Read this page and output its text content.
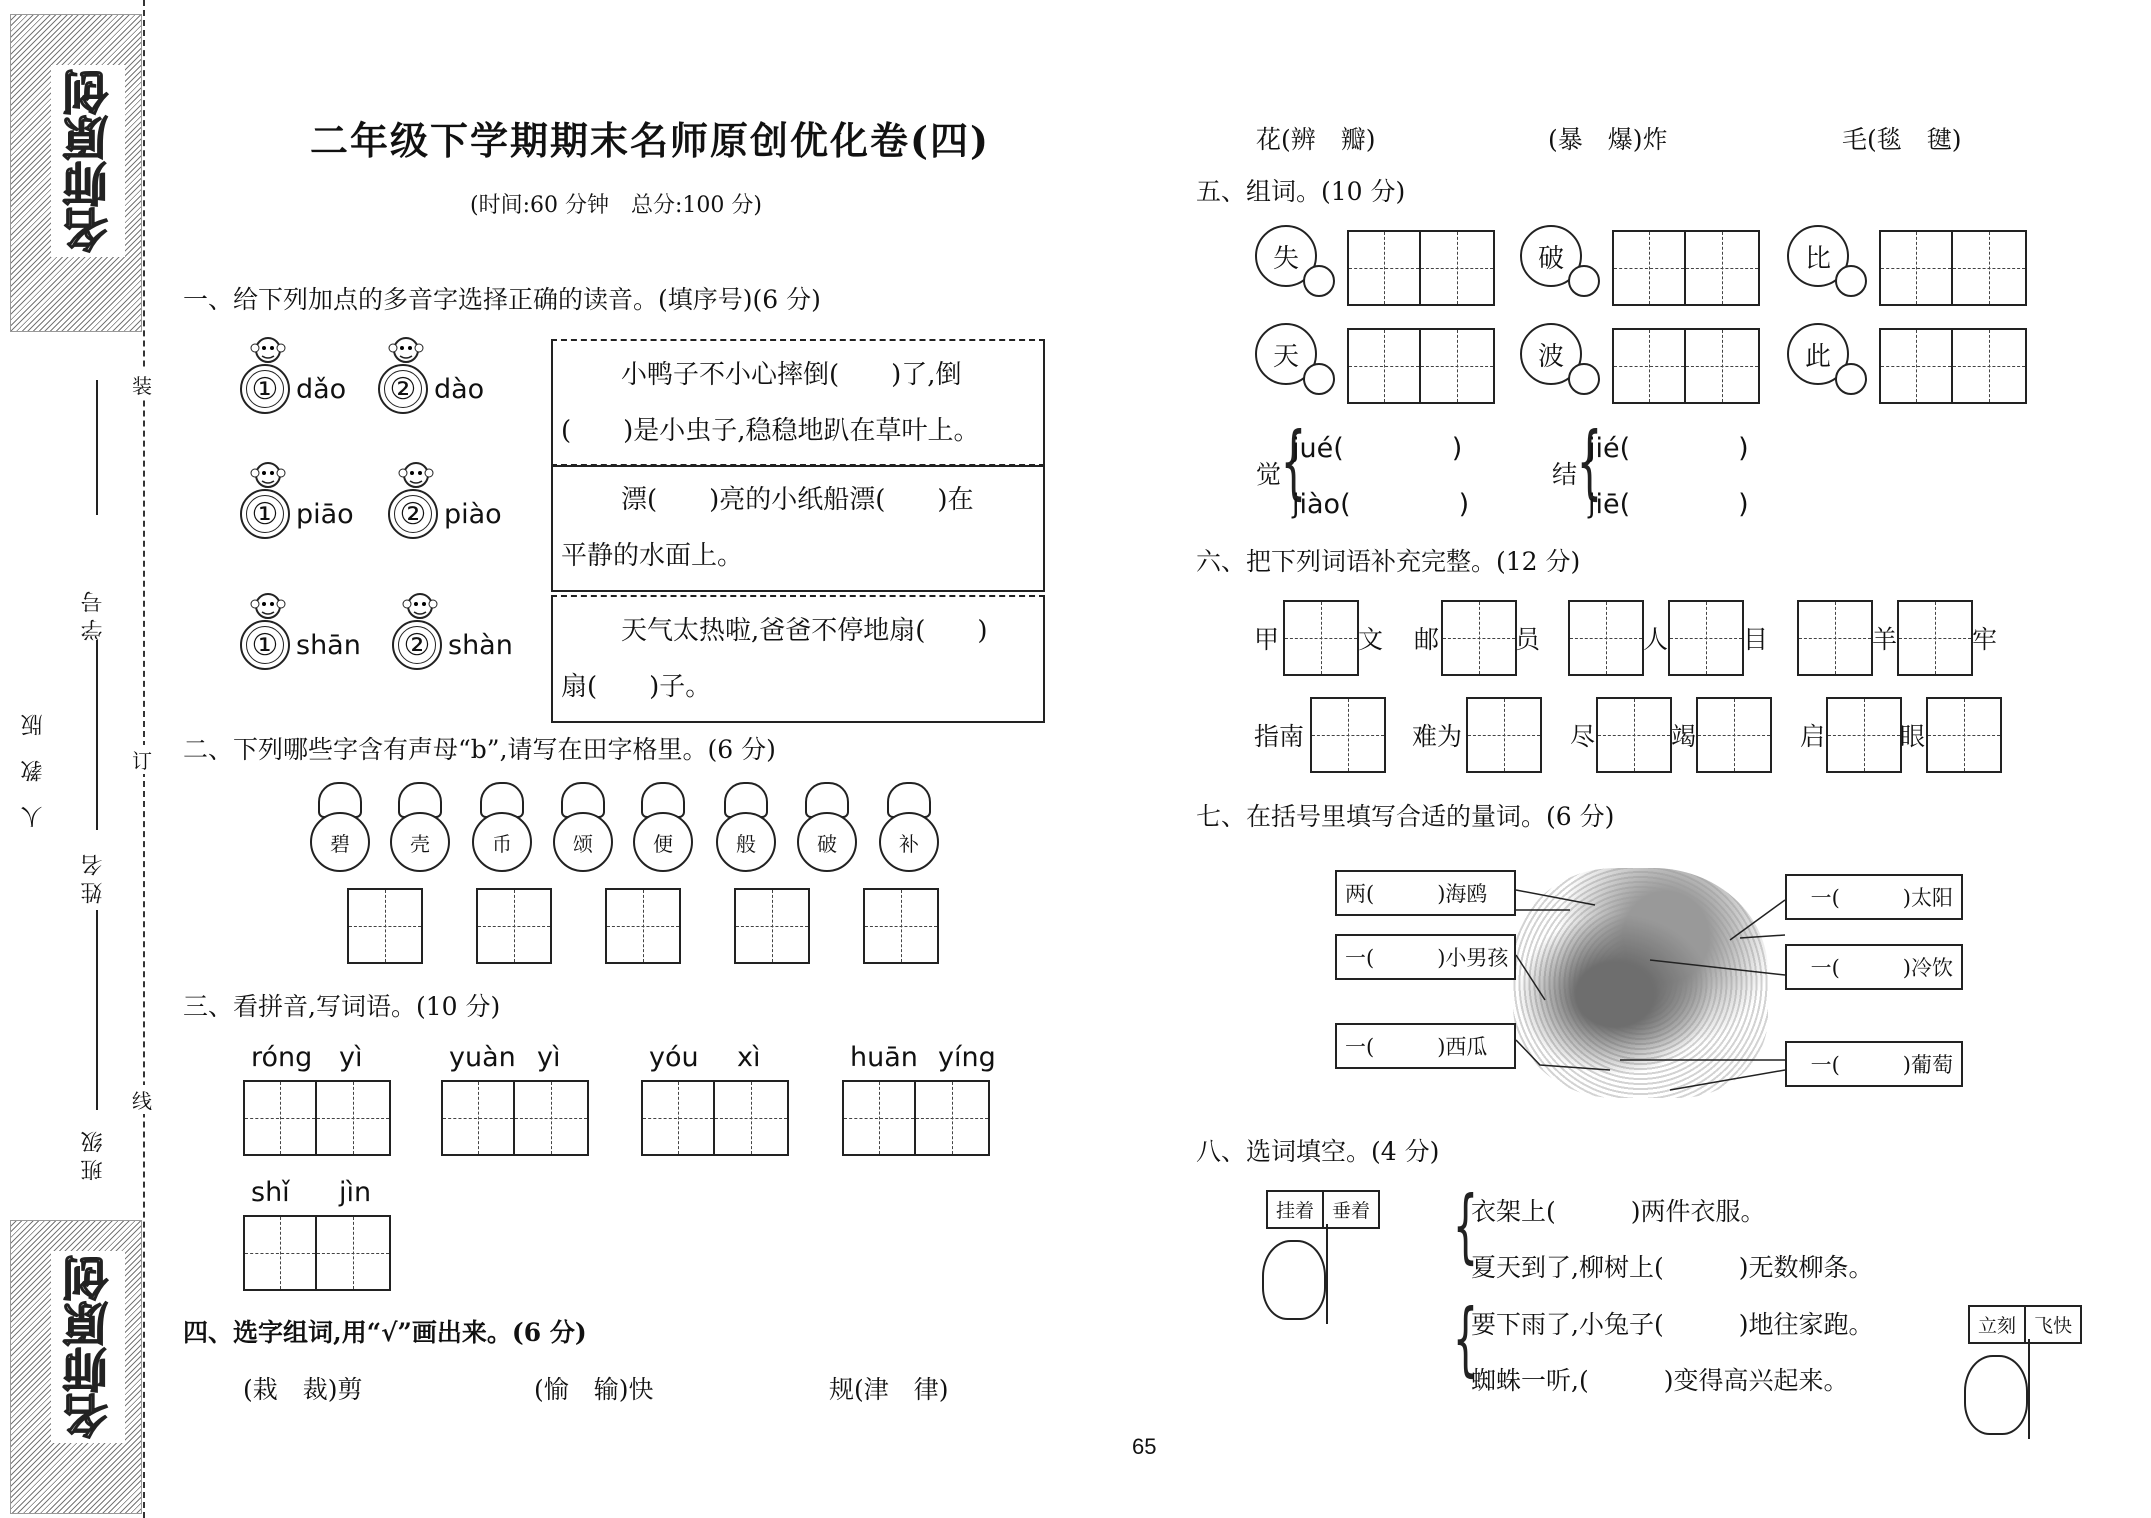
名师原创
名师原创
装
订
线
人教版
学号
姓名
班级
二年级下学期期末名师原创优化卷(四)
(时间:60 分钟　总分:100 分)
一、给下列加点的多音字选择正确的读音。(填序号)(6 分)
① dǎo ② dào	小鸭子不小心摔倒(　　)了,倒
(　　)是小虫子,稳稳地趴在草叶上。
① piāo ② piào	漂(　　)亮的小纸船漂(　　)在
平静的水面上。
① shān ② shàn	天气太热啦,爸爸不停地扇(　　)
扇(　　)子。
二、下列哪些字含有声母“b”,请写在田字格里。(6 分)
碧	壳	币	颂	便	般	破	补
三、看拼音,写词语。(10 分)
róng yì	yuàn yì	yóu xì	huān yíng
shǐ jìn
四、选字组词,用“√”画出来。(6 分)
(栽　裁)剪	(愉　输)快	规(津　律)
花(辨　瓣)	(暴　爆)炸	毛(毯　毽)
65
五、组词。(10 分)
失	破	比
天	波	此
觉 {
jué(　　　　)
jiào(　　　　)
结 {
jié(　　　　)
jiē(　　　　)
六、把下列词语补充完整。(12 分)
甲	文 邮	员	人	目	羊	牢
指南	难为	尽	竭	启	眼
七、在括号里填写合适的量词。(6 分)
两(　　　)海鸥
一(　　　)小男孩
一(　　　)西瓜
一(　　　)太阳
一(　　　)冷饮
一(　　　)葡萄
八、选词填空。(4 分)
挂着 垂着
立刻 飞快
{
{
衣架上(　　　)两件衣服。
夏天到了,柳树上(　　　)无数柳条。
要下雨了,小兔子(　　　)地往家跑。
蜘蛛一听,(　　　)变得高兴起来。
